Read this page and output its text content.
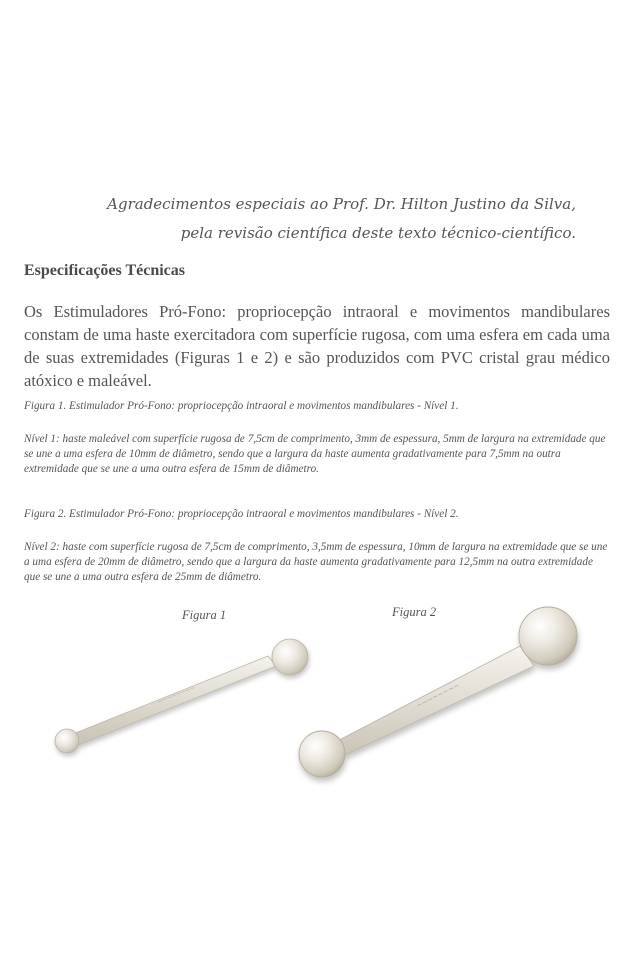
Agradecimentos especiais ao Prof. Dr. Hilton Justino da Silva,
pela revisão científica deste texto técnico-científico.
Especificações Técnicas
Os Estimuladores Pró-Fono: propriocepção intraoral e movimentos mandibulares constam de uma haste exercitadora com superfície rugosa, com uma esfera em cada uma de suas extremidades (Figuras 1 e 2) e são produzidos com PVC cristal grau médico atóxico e maleável.
Figura 1. Estimulador Pró-Fono: propriocepção intraoral e movimentos mandibulares - Nível 1.
Nível 1: haste maleável com superfície rugosa de 7,5cm de comprimento, 3mm de espessura, 5mm de largura na extremidade que se une a uma esfera de 10mm de diâmetro, sendo que a largura da haste aumenta gradativamente para 7,5mm na outra extremidade que se une a uma outra esfera de 15mm de diâmetro.
Figura 2. Estimulador Pró-Fono: propriocepção intraoral e movimentos mandibulares - Nível 2.
Nível 2: haste com superfície rugosa de 7,5cm de comprimento, 3,5mm de espessura, 10mm de largura na extremidade que se une a uma esfera de 20mm de diâmetro, sendo que a largura da haste aumenta gradativamente para 12,5mm na outra extremidade que se une a uma outra esfera de 25mm de diâmetro.
Figura 1	Figura 2
~~~~~~~~	~~~~~~~~
